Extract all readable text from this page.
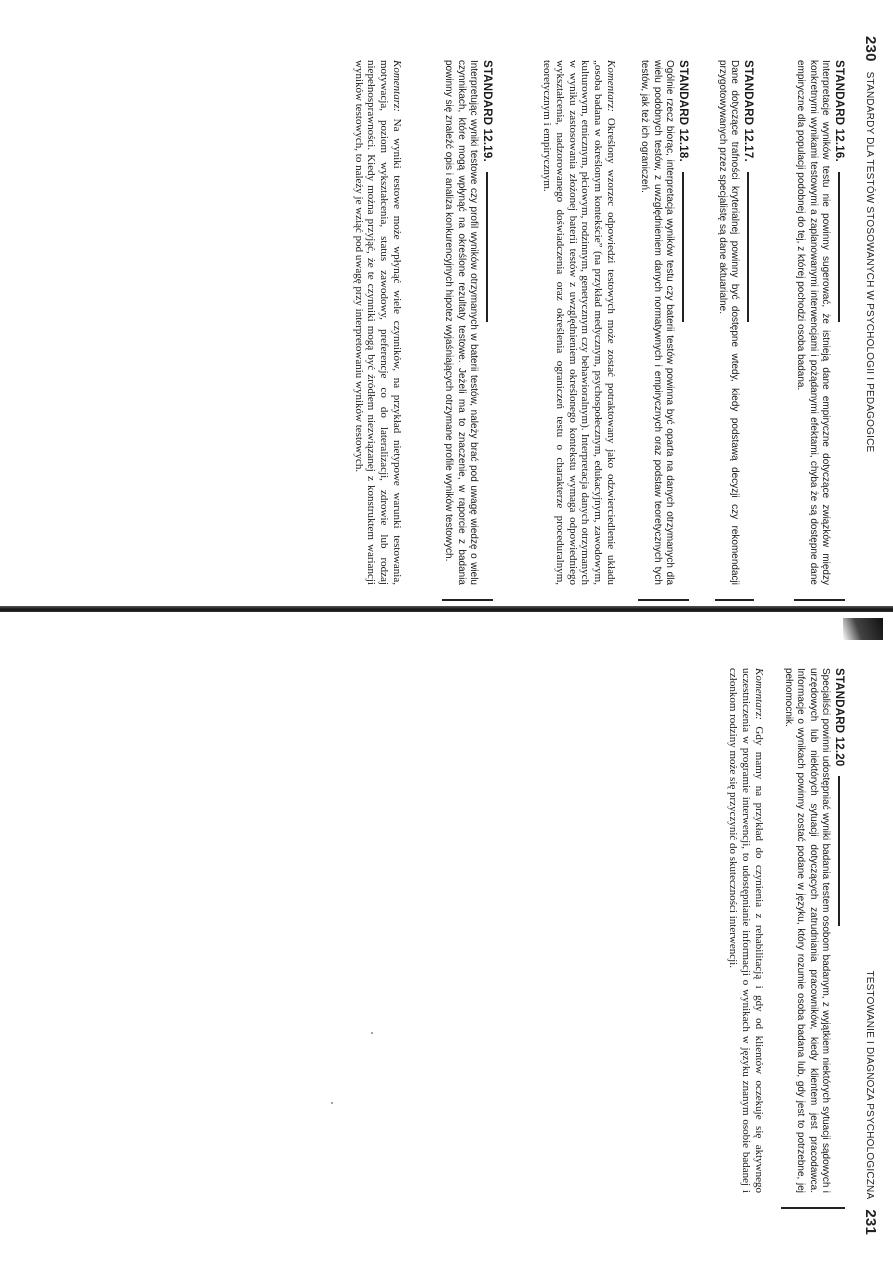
230STANDARDY DLA TESTÓW STOSOWANYCH W PSYCHOLOGII I PEDAGOGICE
STANDARD 12.16.

Interpretacje wyników testu nie powinny sugerować, że istnieją dane empiryczne dotyczące związków między konkretnymi wynikami testowymi a zaplanowanymi interwencjami i pożądanymi efektami, chyba że są dostępne dane empiryczne dla populacji podobnej do tej, z której pochodzi osoba badana.

STANDARD 12.17.

Dane dotyczące trafności kryterialnej powinny być dostępne wtedy, kiedy podstawą decyzji czy rekomendacji przygotowywanych przez specjalistę są dane aktuarialne.

STANDARD 12.18.

Ogólnie rzecz biorąc, interpretacja wyników testu czy baterii testów powinna być oparta na danych otrzymanych dla wielu podobnych testów, z uwzględnieniem danych normatywnych i empirycznych oraz podstaw teoretycznych tych testów, jak też ich ograniczeń.

Komentarz: Określony wzorzec odpowiedzi testowych może zostać potraktowany jako odzwierciedlenie układu „osoba badana w określonym kontekście” (na przykład medycznym, psychospołecznym, edukacyjnym, zawodowym, kulturowym, etnicznym, płciowym, rodzinnym, genetycznym czy behawioralnym). Interpretacja danych otrzymanych w wyniku zastosowania złożonej baterii testów z uwzględnieniem określonego kontekstu wymaga odpowiedniego wykształcenia, nadzorowanego doświadczenia oraz określenia ograniczeń testu o charakterze proceduralnym, teoretycznym i empirycznym.

STANDARD 12.19.

Interpretując wyniki testowe czy profil wyników otrzymanych w baterii testów, należy brać pod uwagę wiedzę o wielu czynnikach, które mogą wpłynąć na określone rezultaty testowe. Jeżeli ma to znaczenie, w raporcie z badania powinny się znaleźć opis i analiza konkurencyjnych hipotez wyjaśniających otrzymane profile wyników testowych.

Komentarz: Na wyniki testowe może wpłynąć wiele czynników, na przykład nietypowe warunki testowania, motywacja, poziom wykształcenia, status zawodowy, preferencje co do lateralizacji, zdrowie lub rodzaj niepełnosprawności. Kiedy można przyjąć, że te czynniki mogą być źródłem niezwiązanej z konstruktem wariancji wyników testowych, to należy je wziąć pod uwagę przy interpretowaniu wyników testowych.

TESTOWANIE I DIAGNOZA PSYCHOLOGICZNA231
STANDARD 12.20

Specjaliści powinni udostępniać wyniki badania testem osobom badanym, z wyjątkiem niektórych sytuacji sądowych i urzędowych lub niektórych sytuacji dotyczących zatrudniania pracowników, kiedy klientem jest pracodawca. Informacje o wynikach powinny zostać podane w języku, który rozumie osoba badana lub, gdy jest to potrzebne, jej pełnomocnik.

Komentarz: Gdy mamy na przykład do czynienia z rehabilitacją i gdy od klientów oczekuje się aktywnego uczestniczenia w programie interwencji, to udostępnianie informacji o wynikach w języku znanym osobie badanej i członkom rodziny może się przyczynić do skuteczności interwencji.
